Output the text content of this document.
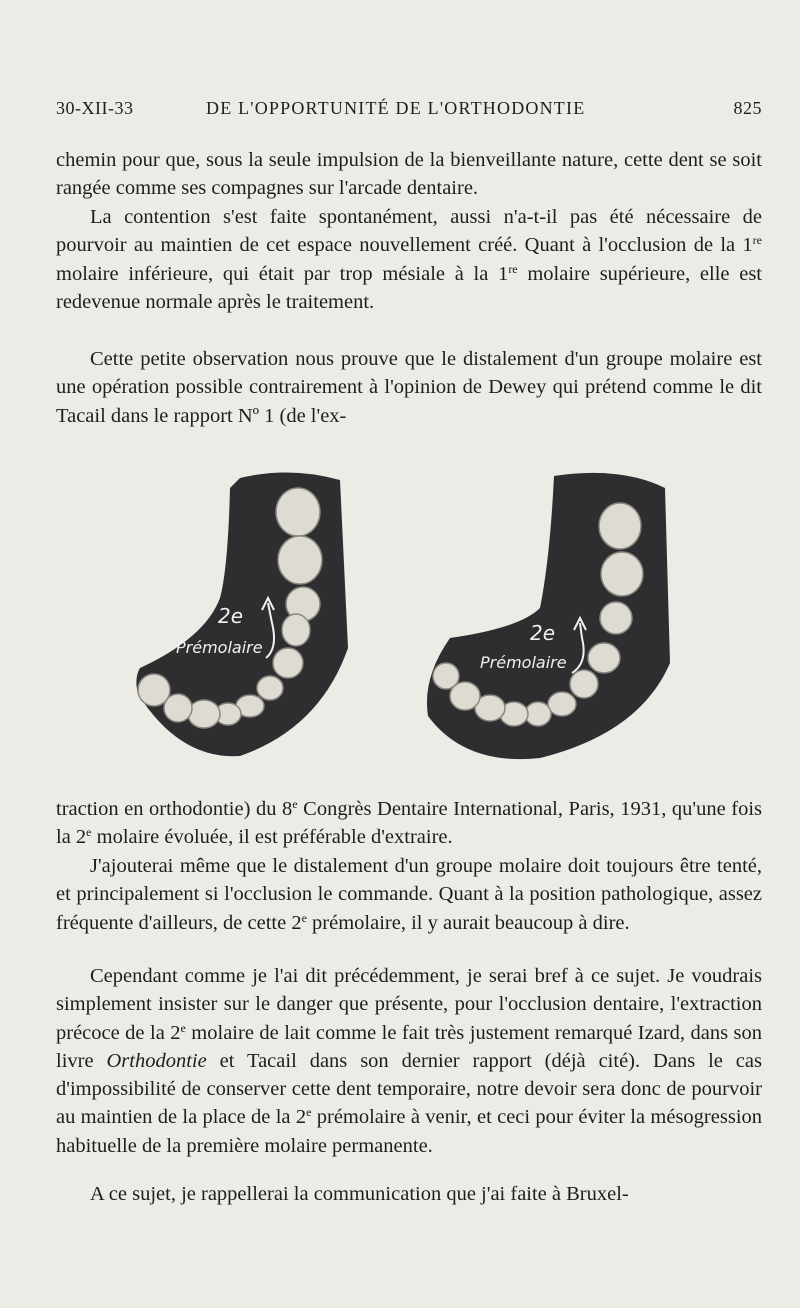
30-XII-33	DE L'OPPORTUNITÉ DE L'ORTHODONTIE	825

chemin pour que, sous la seule impulsion de la bienveillante nature, cette dent se soit rangée comme ses compagnes sur l'arcade dentaire.

La contention s'est faite spontanément, aussi n'a-t-il pas été nécessaire de pourvoir au maintien de cet espace nouvellement créé. Quant à l'occlusion de la 1re molaire inférieure, qui était par trop mésiale à la 1re molaire supérieure, elle est redevenue normale après le traitement.

Cette petite observation nous prouve que le distalement d'un groupe molaire est une opération possible contrairement à l'opinion de Dewey qui prétend comme le dit Tacail dans le rapport Nº 1 (de l'ex-

2e
Prémolaire
2e
Prémolaire

traction en orthodontie) du 8e Congrès Dentaire International, Paris, 1931, qu'une fois la 2e molaire évoluée, il est préférable d'extraire.

J'ajouterai même que le distalement d'un groupe molaire doit toujours être tenté, et principalement si l'occlusion le commande. Quant à la position pathologique, assez fréquente d'ailleurs, de cette 2e prémolaire, il y aurait beaucoup à dire.

Cependant comme je l'ai dit précédemment, je serai bref à ce sujet. Je voudrais simplement insister sur le danger que présente, pour l'occlusion dentaire, l'extraction précoce de la 2e molaire de lait comme le fait très justement remarqué Izard, dans son livre Orthodontie et Tacail dans son dernier rapport (déjà cité). Dans le cas d'impossibilité de conserver cette dent temporaire, notre devoir sera donc de pourvoir au maintien de la place de la 2e prémolaire à venir, et ceci pour éviter la mésogression habituelle de la première molaire permanente.

A ce sujet, je rappellerai la communication que j'ai faite à Bruxel-
